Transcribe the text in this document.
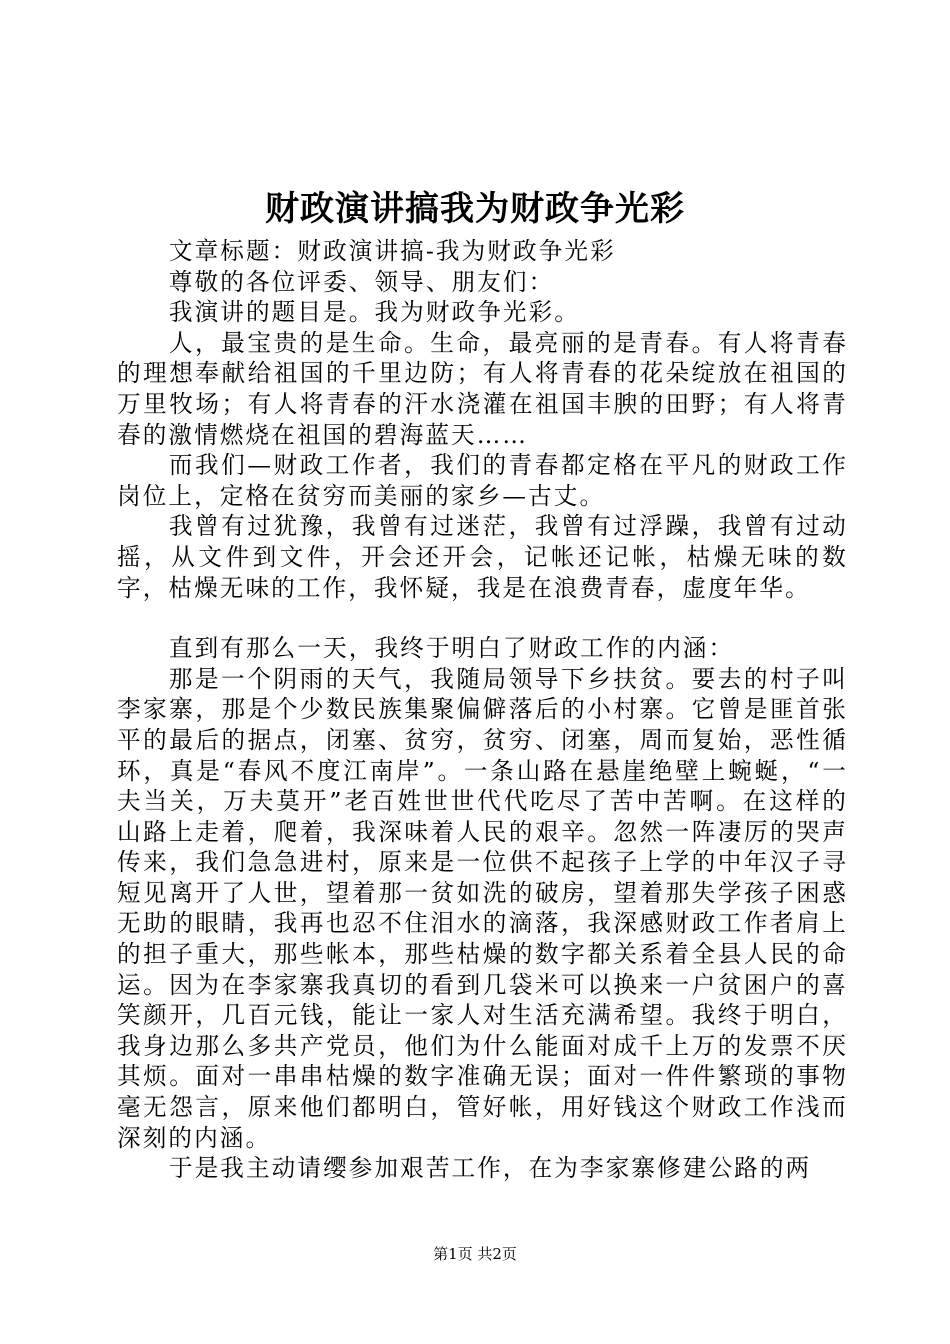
财政演讲搞我为财政争光彩

文章标题：财政演讲搞-我为财政争光彩

尊敬的各位评委、领导、朋友们：

我演讲的题目是。我为财政争光彩。

人，最宝贵的是生命。生命，最亮丽的是青春。有人将青春的理想奉献给祖国的千里边防；有人将青春的花朵绽放在祖国的万里牧场；有人将青春的汗水浇灌在祖国丰腴的田野；有人将青春的激情燃烧在祖国的碧海蓝天……

而我们—财政工作者，我们的青春都定格在平凡的财政工作岗位上，定格在贫穷而美丽的家乡—古丈。

我曾有过犹豫，我曾有过迷茫，我曾有过浮躁，我曾有过动摇，从文件到文件，开会还开会，记帐还记帐，枯燥无味的数字，枯燥无味的工作，我怀疑，我是在浪费青春，虚度年华。

直到有那么一天，我终于明白了财政工作的内涵：

那是一个阴雨的天气，我随局领导下乡扶贫。要去的村子叫李家寨，那是个少数民族集聚偏僻落后的小村寨。它曾是匪首张平的最后的据点，闭塞、贫穷，贫穷、闭塞，周而复始，恶性循环，真是“春风不度江南岸”。一条山路在悬崖绝壁上蜿蜒，“一夫当关，万夫莫开”老百姓世世代代吃尽了苦中苦啊。在这样的山路上走着，爬着，我深味着人民的艰辛。忽然一阵凄厉的哭声传来，我们急急进村，原来是一位供不起孩子上学的中年汉子寻短见离开了人世，望着那一贫如洗的破房，望着那失学孩子困惑无助的眼睛，我再也忍不住泪水的滴落，我深感财政工作者肩上的担子重大，那些帐本，那些枯燥的数字都关系着全县人民的命运。因为在李家寨我真切的看到几袋米可以换来一户贫困户的喜笑颜开，几百元钱，能让一家人对生活充满希望。我终于明白，我身边那么多共产党员，他们为什么能面对成千上万的发票不厌其烦。面对一串串枯燥的数字准确无误；面对一件件繁琐的事物毫无怨言，原来他们都明白，管好帐，用好钱这个财政工作浅而深刻的内涵。

于是我主动请缨参加艰苦工作，在为李家寨修建公路的两

第1页 共2页
